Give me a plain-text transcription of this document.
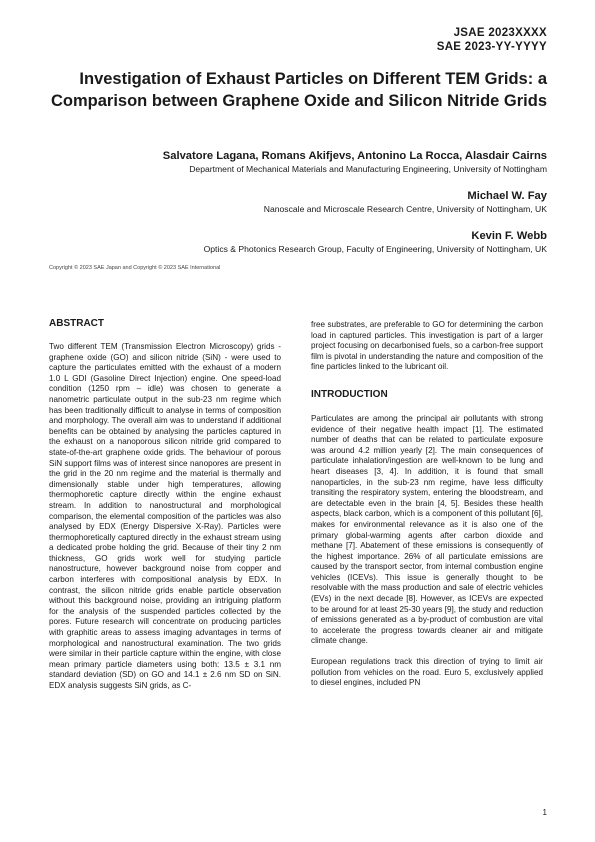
JSAE 2023XXXX
SAE 2023-YY-YYYY
Investigation of Exhaust Particles on Different TEM Grids: a Comparison between Graphene Oxide and Silicon Nitride Grids
Salvatore Lagana, Romans Akifjevs, Antonino La Rocca, Alasdair Cairns
Department of Mechanical Materials and Manufacturing Engineering, University of Nottingham
Michael W. Fay
Nanoscale and Microscale Research Centre, University of Nottingham, UK
Kevin F. Webb
Optics & Photonics Research Group, Faculty of Engineering, University of Nottingham, UK
Copyright © 2023 SAE Japan and Copyright © 2023 SAE International
ABSTRACT

Two different TEM (Transmission Electron Microscopy) grids - graphene oxide (GO) and silicon nitride (SiN) - were used to capture the particulates emitted with the exhaust of a modern 1.0 L GDI (Gasoline Direct Injection) engine. One speed-load condition (1250 rpm – idle) was chosen to generate a nanometric particulate output in the sub-23 nm regime which has been traditionally difficult to analyse in terms of composition and morphology. The overall aim was to understand if additional benefits can be obtained by analysing the particles captured in the exhaust on a nanoporous silicon nitride grid compared to state-of-the-art graphene oxide grids. The behaviour of porous SiN support films was of interest since nanopores are present in the grid in the 20 nm regime and the material is thermally and dimensionally stable under high temperatures, allowing thermophoretic capture directly within the engine exhaust stream. In addition to nanostructural and morphological comparison, the elemental composition of the particles was also analysed by EDX (Energy Dispersive X-Ray). Particles were thermophoretically captured directly in the exhaust stream using a dedicated probe holding the grid. Because of their tiny 2 nm thickness, GO grids work well for studying particle nanostructure, however background noise from copper and carbon interferes with compositional analysis by EDX. In contrast, the silicon nitride grids enable particle observation without this background noise, providing an intriguing platform for the analysis of the suspended particles collected by the pores. Future research will concentrate on producing particles with graphitic areas to assess imaging advantages in terms of morphological and nanostructural examination. The two grids were similar in their particle capture within the engine, with close mean primary particle diameters using both: 13.5 ± 3.1 nm standard deviation (SD) on GO and 14.1 ± 2.6 nm SD on SiN. EDX analysis suggests SiN grids, as C-

free substrates, are preferable to GO for determining the carbon load in captured particles. This investigation is part of a larger project focusing on decarbonised fuels, so a carbon-free support film is pivotal in understanding the nature and composition of the fine particles linked to the lubricant oil.

INTRODUCTION

Particulates are among the principal air pollutants with strong evidence of their negative health impact [1]. The estimated number of deaths that can be related to particulate exposure was around 4.2 million yearly [2]. The main consequences of particulate inhalation/ingestion are well-known to be lung and heart diseases [3, 4]. In addition, it is found that small nanoparticles, in the sub-23 nm regime, have less difficulty transiting the respiratory system, entering the bloodstream, and are detectable even in the brain [4, 5]. Besides these health aspects, black carbon, which is a component of this pollutant [6], makes for environmental relevance as it is also one of the primary global-warming agents after carbon dioxide and methane [7]. Abatement of these emissions is consequently of the highest importance. 26% of all particulate emissions are caused by the transport sector, from internal combustion engine vehicles (ICEVs). This issue is generally thought to be resolvable with the mass production and sale of electric vehicles (EVs) in the next decade [8]. However, as ICEVs are expected to be around for at least 25-30 years [9], the study and reduction of emissions generated as a by-product of combustion are vital to accelerate the progress towards cleaner air and mitigate climate change.

European regulations track this direction of trying to limit air pollution from vehicles on the road. Euro 5, exclusively applied to diesel engines, included PN

1
